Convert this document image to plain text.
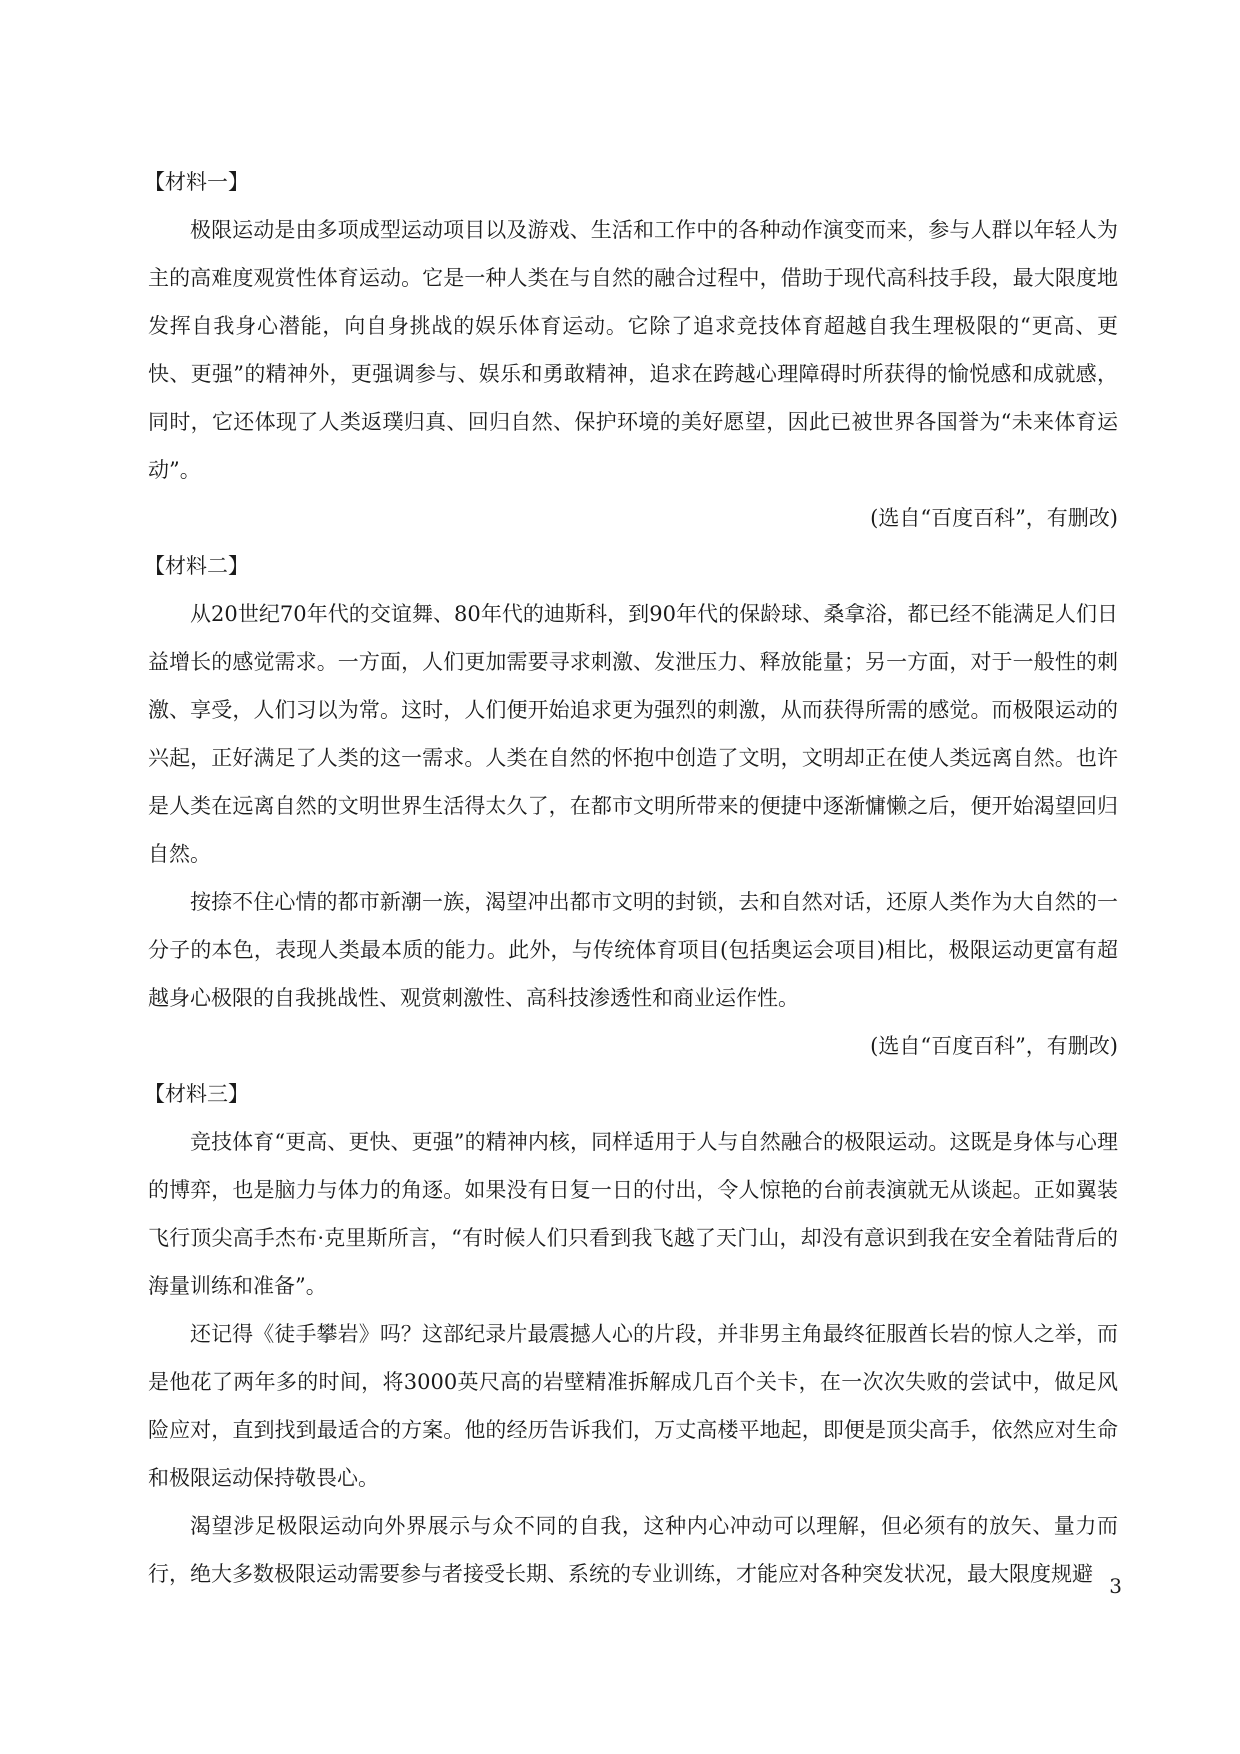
【材料一】

极限运动是由多项成型运动项目以及游戏、生活和工作中的各种动作演变而来，参与人群以年轻人为主的高难度观赏性体育运动。它是一种人类在与自然的融合过程中，借助于现代高科技手段，最大限度地发挥自我身心潜能，向自身挑战的娱乐体育运动。它除了追求竞技体育超越自我生理极限的“更高、更快、更强”的精神外，更强调参与、娱乐和勇敢精神，追求在跨越心理障碍时所获得的愉悦感和成就感，同时，它还体现了人类返璞归真、回归自然、保护环境的美好愿望，因此已被世界各国誉为“未来体育运动”。

(选自“百度百科”，有删改)

【材料二】

从20世纪70年代的交谊舞、80年代的迪斯科，到90年代的保龄球、桑拿浴，都已经不能满足人们日益增长的感觉需求。一方面，人们更加需要寻求刺激、发泄压力、释放能量；另一方面，对于一般性的刺激、享受，人们习以为常。这时，人们便开始追求更为强烈的刺激，从而获得所需的感觉。而极限运动的兴起，正好满足了人类的这一需求。人类在自然的怀抱中创造了文明，文明却正在使人类远离自然。也许是人类在远离自然的文明世界生活得太久了，在都市文明所带来的便捷中逐渐慵懒之后，便开始渴望回归自然。

按捺不住心情的都市新潮一族，渴望冲出都市文明的封锁，去和自然对话，还原人类作为大自然的一分子的本色，表现人类最本质的能力。此外，与传统体育项目(包括奥运会项目)相比，极限运动更富有超越身心极限的自我挑战性、观赏刺激性、高科技渗透性和商业运作性。

(选自“百度百科”，有删改)

【材料三】

竞技体育“更高、更快、更强”的精神内核，同样适用于人与自然融合的极限运动。这既是身体与心理的博弈，也是脑力与体力的角逐。如果没有日复一日的付出，令人惊艳的台前表演就无从谈起。正如翼装飞行顶尖高手杰布·克里斯所言，“有时候人们只看到我飞越了天门山，却没有意识到我在安全着陆背后的海量训练和准备”。

还记得《徒手攀岩》吗？这部纪录片最震撼人心的片段，并非男主角最终征服酋长岩的惊人之举，而是他花了两年多的时间，将3000英尺高的岩壁精准拆解成几百个关卡，在一次次失败的尝试中，做足风险应对，直到找到最适合的方案。他的经历告诉我们，万丈高楼平地起，即便是顶尖高手，依然应对生命和极限运动保持敬畏心。

渴望涉足极限运动向外界展示与众不同的自我，这种内心冲动可以理解，但必须有的放矢、量力而行，绝大多数极限运动需要参与者接受长期、系统的专业训练，才能应对各种突发状况，最大限度规避 3
